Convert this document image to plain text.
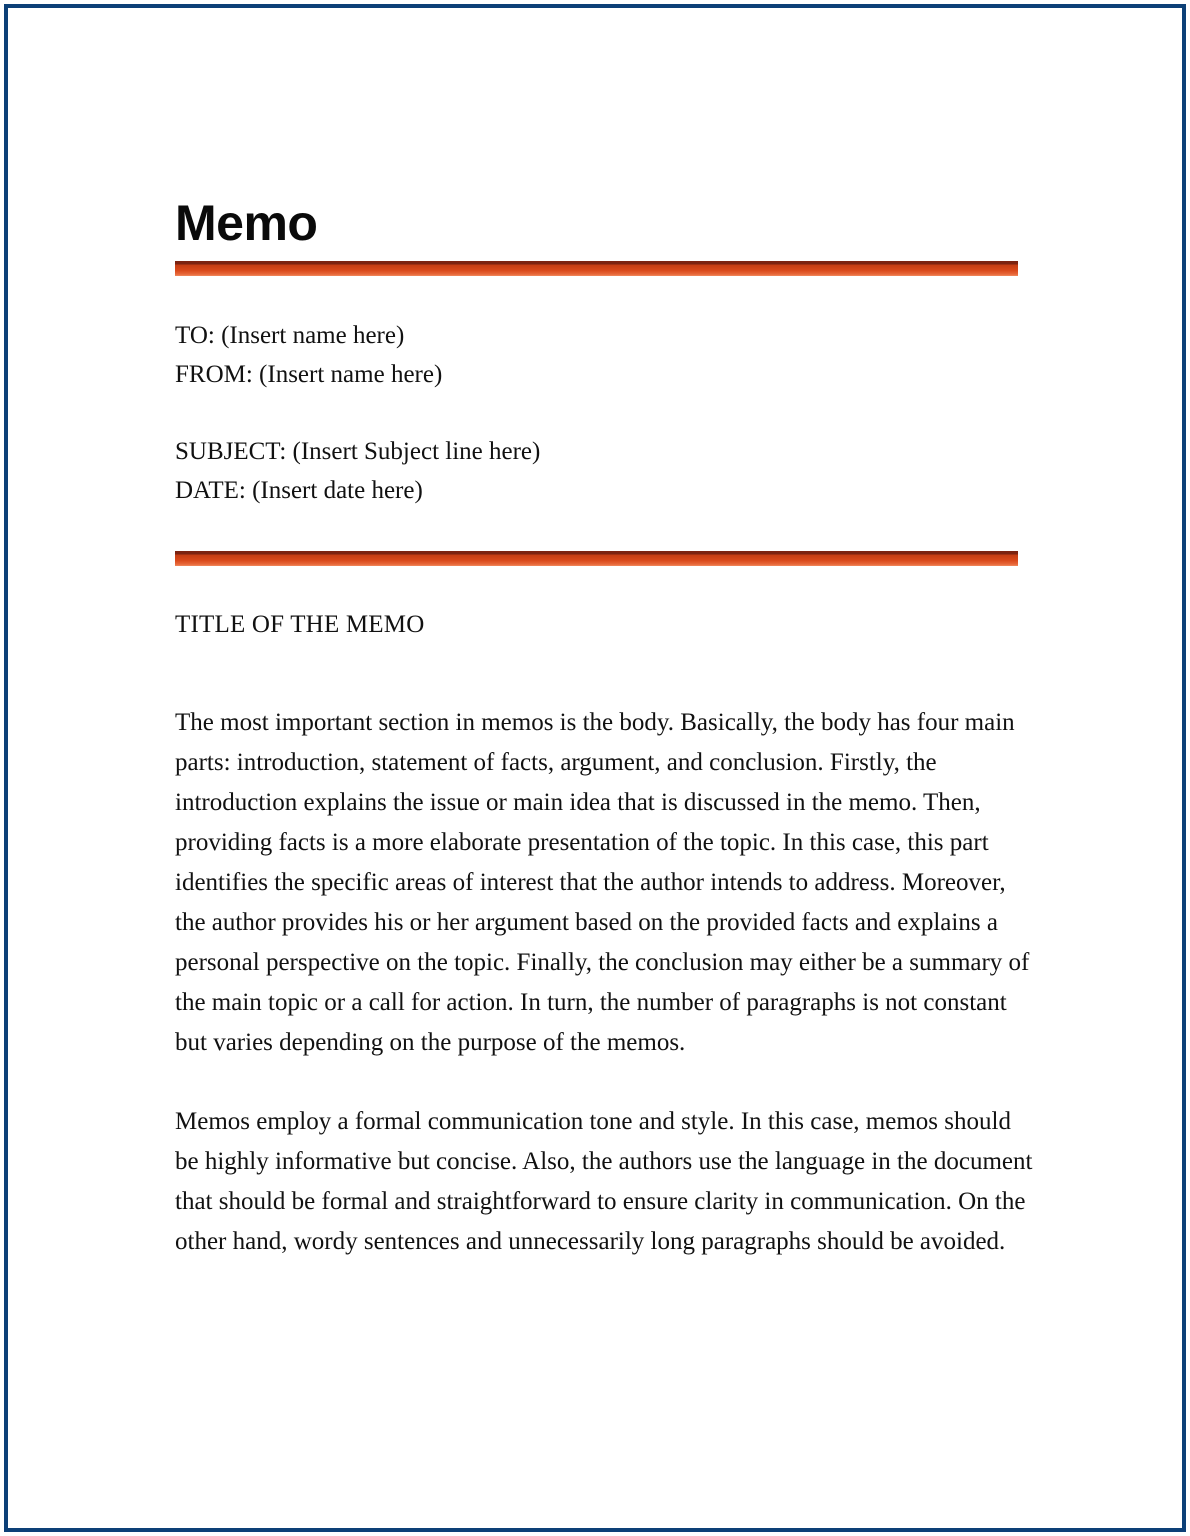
Memo
TO: (Insert name here)
FROM: (Insert name here)
SUBJECT: (Insert Subject line here)
DATE: (Insert date here)
TITLE OF THE MEMO

The most important section in memos is the body. Basically, the body has four main parts: introduction, statement of facts, argument, and conclusion. Firstly, the introduction explains the issue or main idea that is discussed in the memo. Then, providing facts is a more elaborate presentation of the topic. In this case, this part identifies the specific areas of interest that the author intends to address. Moreover, the author provides his or her argument based on the provided facts and explains a personal perspective on the topic. Finally, the conclusion may either be a summary of the main topic or a call for action. In turn, the number of paragraphs is not constant but varies depending on the purpose of the memos.

Memos employ a formal communication tone and style. In this case, memos should be highly informative but concise. Also, the authors use the language in the document that should be formal and straightforward to ensure clarity in communication. On the other hand, wordy sentences and unnecessarily long paragraphs should be avoided.
